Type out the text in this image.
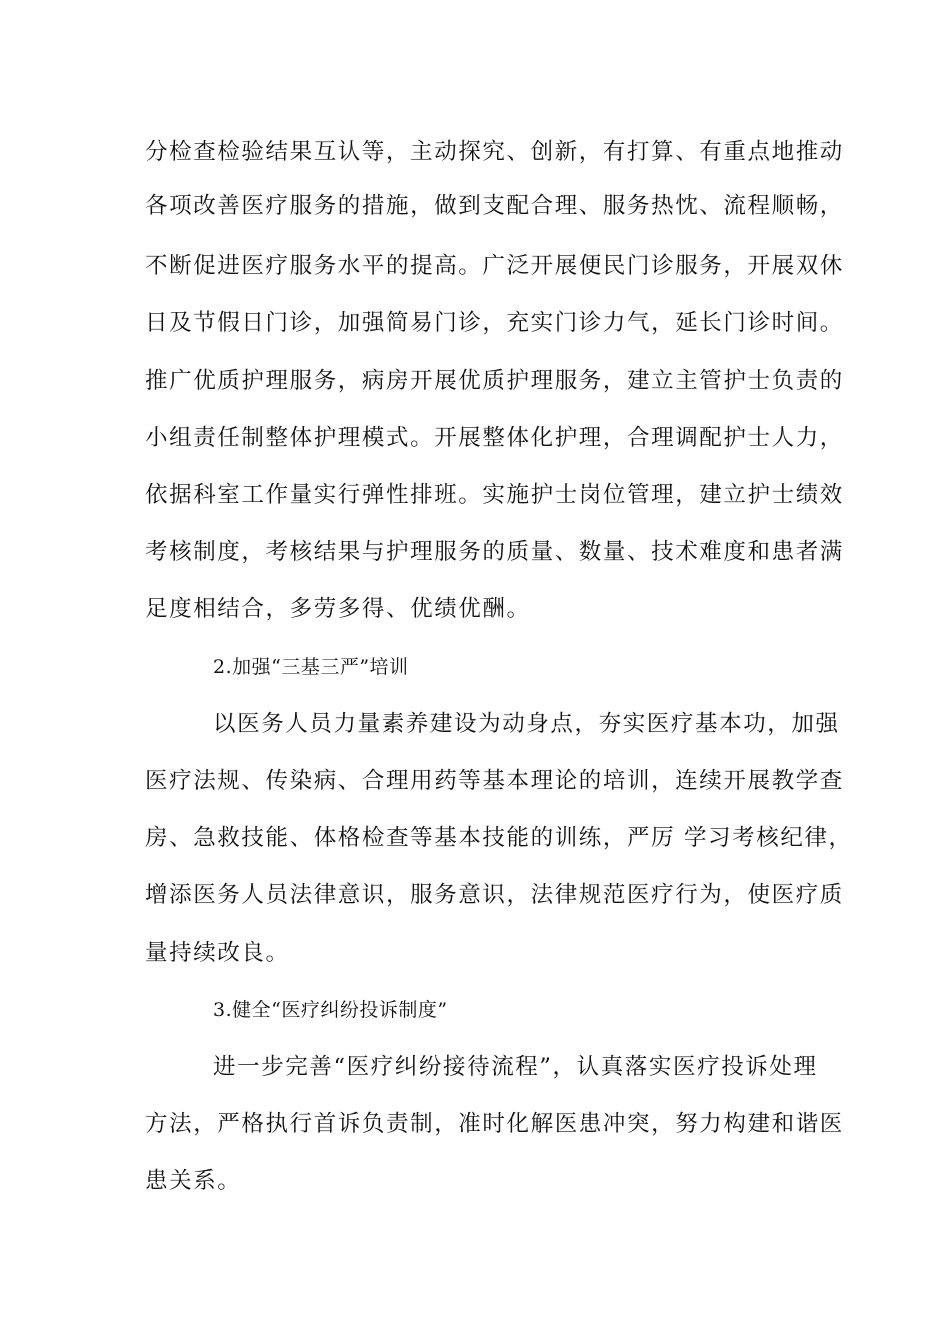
分检查检验结果互认等，主动探究、创新，有打算、有重点地推动
各项改善医疗服务的措施，做到支配合理、服务热忱、流程顺畅，
不断促进医疗服务水平的提高。广泛开展便民门诊服务，开展双休
日及节假日门诊，加强简易门诊，充实门诊力气，延长门诊时间。
推广优质护理服务，病房开展优质护理服务，建立主管护士负责的
小组责任制整体护理模式。开展整体化护理，合理调配护士人力，
依据科室工作量实行弹性排班。实施护士岗位管理，建立护士绩效
考核制度，考核结果与护理服务的质量、数量、技术难度和患者满
足度相结合，多劳多得、优绩优酬。
2.加强“三基三严”培训
以医务人员力量素养建设为动身点，夯实医疗基本功，加强
医疗法规、传染病、合理用药等基本理论的培训，连续开展教学查
房、急救技能、体格检查等基本技能的训练，严厉 学习考核纪律，
增添医务人员法律意识，服务意识，法律规范医疗行为，使医疗质
量持续改良。
3.健全“医疗纠纷投诉制度”
进一步完善“医疗纠纷接待流程”，认真落实医疗投诉处理
方法，严格执行首诉负责制，准时化解医患冲突，努力构建和谐医
患关系。
